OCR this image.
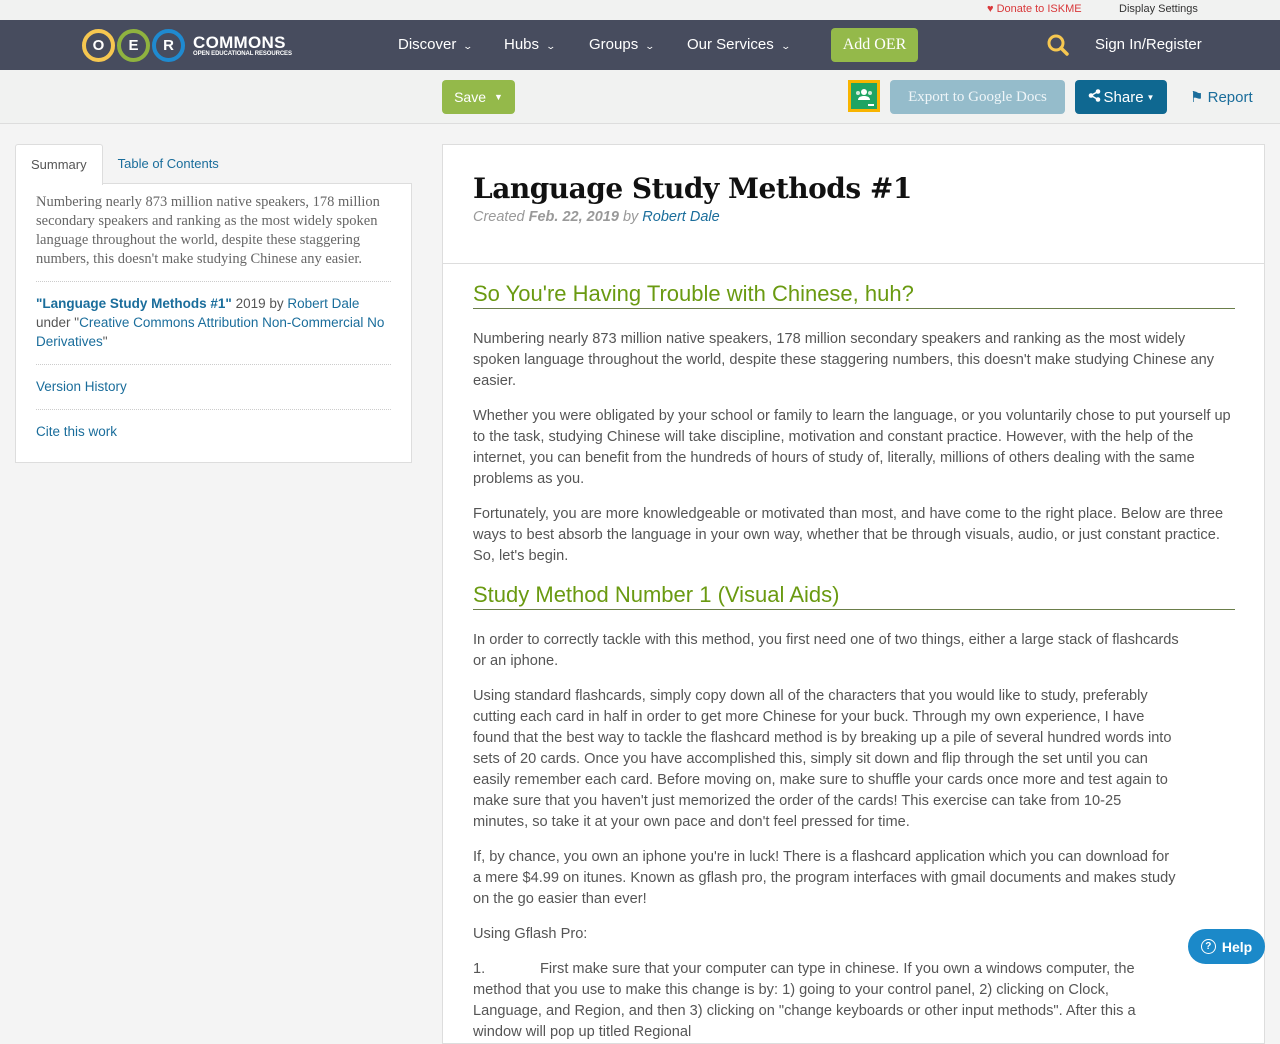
♥ Donate to ISKME	Display Settings
O	E	R	COMMONS
OPEN EDUCATIONAL RESOURCES
Discover ⌄ Hubs ⌄ Groups ⌄ Our Services ⌄	Add OER	Sign In/Register
Save ▼	Export to Google Docs	Share ▼ ⚑ Report
Summary	Table of Contents
Numbering nearly 873 million native speakers, 178 million secondary speakers and ranking as the most widely spoken language throughout the world, despite these staggering numbers, this doesn't make studying Chinese any easier.
"Language Study Methods #1" 2019 by Robert Dale
under "Creative Commons Attribution Non-Commercial No Derivatives"
Version History
Cite this work
Language Study Methods #1
Created Feb. 22, 2019 by Robert Dale
So You're Having Trouble with Chinese, huh?

Numbering nearly 873 million native speakers, 178 million secondary speakers and ranking as the most widely spoken language throughout the world, despite these staggering numbers, this doesn't make studying Chinese any easier.

Whether you were obligated by your school or family to learn the language, or you voluntarily chose to put yourself up to the task, studying Chinese will take discipline, motivation and constant practice. However, with the help of the internet, you can benefit from the hundreds of hours of study of, literally, millions of others dealing with the same problems as you.

Fortunately, you are more knowledgeable or motivated than most, and have come to the right place. Below are three ways to best absorb the language in your own way, whether that be through visuals, audio, or just constant practice. So, let's begin.

Study Method Number 1 (Visual Aids)

In order to correctly tackle with this method, you first need one of two things, either a large stack of flashcards or an iphone.

Using standard flashcards, simply copy down all of the characters that you would like to study, preferably cutting each card in half in order to get more Chinese for your buck. Through my own experience, I have found that the best way to tackle the flashcard method is by breaking up a pile of several hundred words into sets of 20 cards. Once you have accomplished this, simply sit down and flip through the set until you can easily remember each card. Before moving on, make sure to shuffle your cards once more and test again to make sure that you haven't just memorized the order of the cards! This exercise can take from 10-25 minutes, so take it at your own pace and don't feel pressed for time.

If, by chance, you own an iphone you're in luck! There is a flashcard application which you can download for a mere $4.99 on itunes. Known as gflash pro, the program interfaces with gmail documents and makes study on the go easier than ever!

Using Gflash Pro:

1.	First make sure that your computer can type in chinese. If you own a windows computer, the method that you use to make this change is by: 1) going to your control panel, 2) clicking on Clock, Language, and Region, and then 3) clicking on "change keyboards or other input methods". After this a window will pop up titled Regional

? Help
